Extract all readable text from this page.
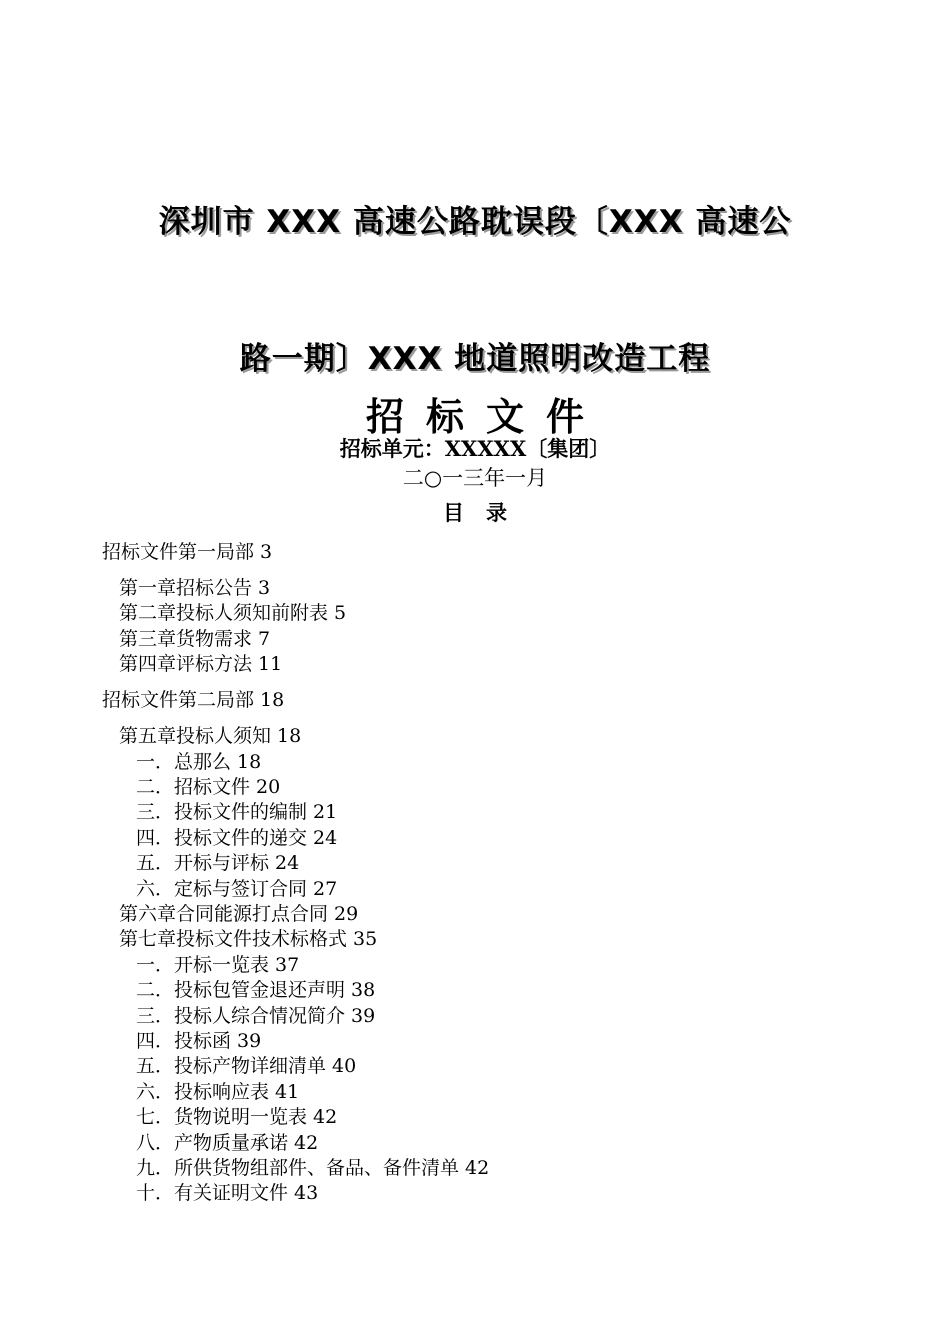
深圳市 XXX 高速公路耽误段〔XXX 高速公
路一期〕XXX 地道照明改造工程
招标文件
招标单元：XXXXX〔集团〕
二○一三年一月
目录
招标文件第一局部 3
第一章招标公告 3
第二章投标人须知前附表 5
第三章货物需求 7
第四章评标方法 11
招标文件第二局部 18
第五章投标人须知 18
一．总那么 18
二．招标文件 20
三．投标文件的编制 21
四．投标文件的递交 24
五．开标与评标 24
六．定标与签订合同 27
第六章合同能源打点合同 29
第七章投标文件技术标格式 35
一．开标一览表 37
二．投标包管金退还声明 38
三．投标人综合情况简介 39
四．投标函 39
五．投标产物详细清单 40
六．投标响应表 41
七．货物说明一览表 42
八．产物质量承诺 42
九．所供货物组部件、备品、备件清单 42
十．有关证明文件 43
